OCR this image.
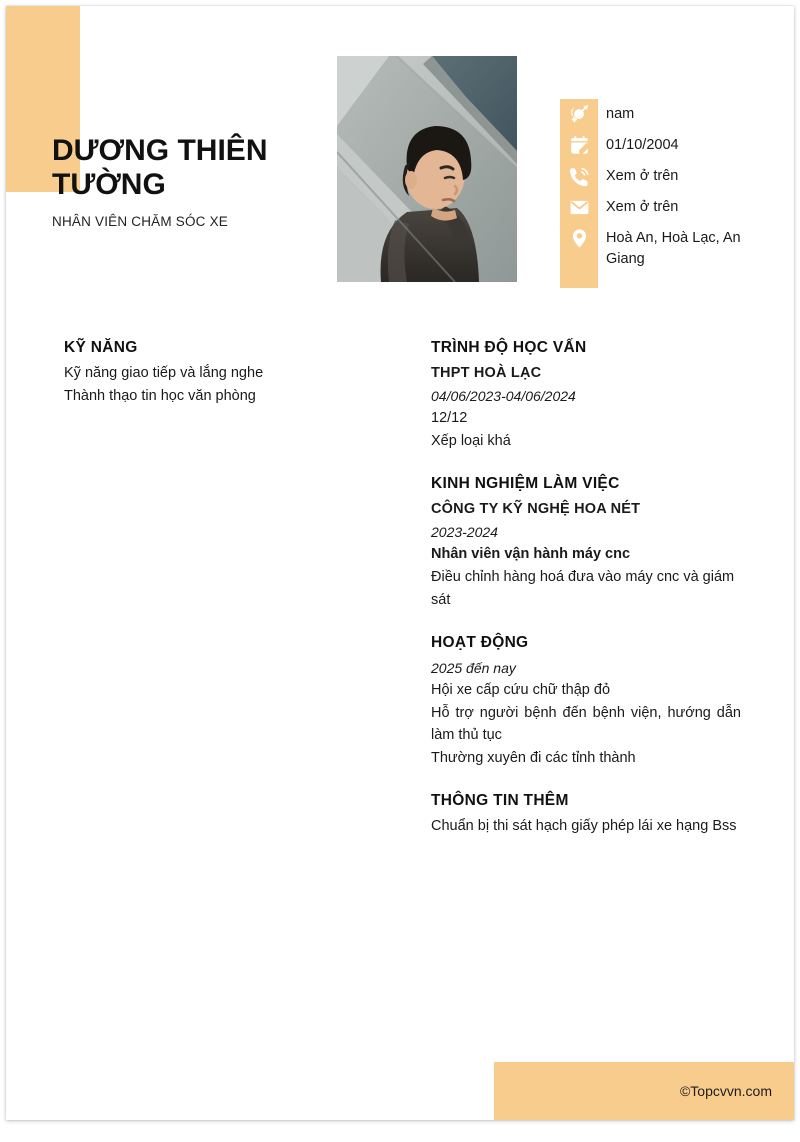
DƯƠNG THIÊN TƯỜNG

NHÂN VIÊN CHĂM SÓC XE

nam
01/10/2004
Xem ở trên
Xem ở trên
Hoà An, Hoà Lạc, An Giang
KỸ NĂNG

Kỹ năng giao tiếp và lắng nghe

Thành thạo tin học văn phòng

TRÌNH ĐỘ HỌC VẤN

THPT HOÀ LẠC

04/06/2023-04/06/2024

12/12

Xếp loại khá

KINH NGHIỆM LÀM VIỆC

CÔNG TY KỸ NGHỆ HOA NÉT

2023-2024

Nhân viên vận hành máy cnc

Điều chỉnh hàng hoá đưa vào máy cnc và giám sát

HOẠT ĐỘNG

2025 đến nay

Hội xe cấp cứu chữ thập đỏ

Hỗ trợ người bệnh đến bệnh viện, hướng dẫn làm thủ tục

Thường xuyên đi các tỉnh thành

THÔNG TIN THÊM

Chuẩn bị thi sát hạch giấy phép lái xe hạng Bss

©Topcvvn.com
